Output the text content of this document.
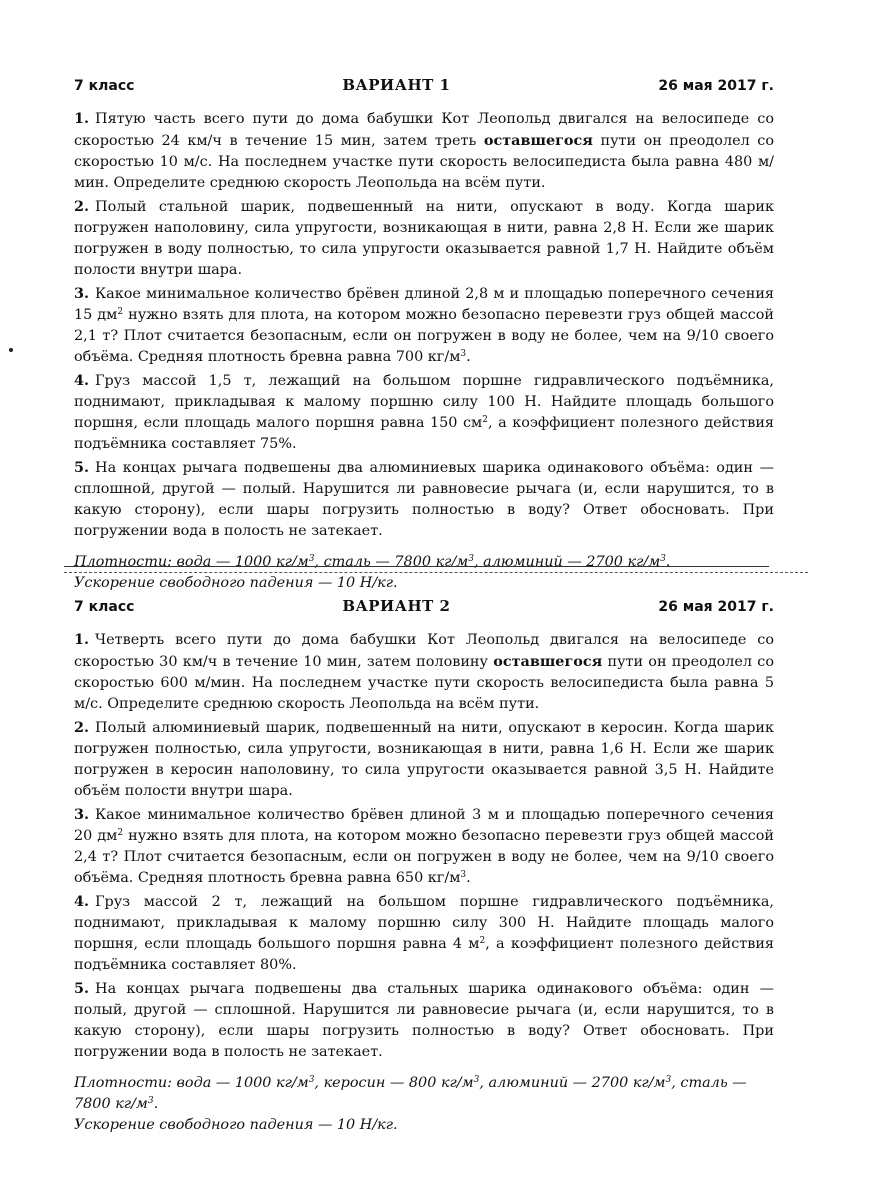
7 класс	ВАРИАНТ 1	26 мая 2017 г.

1. Пятую часть всего пути до дома бабушки Кот Леопольд двигался на велосипеде со скоростью 24 км/ч в течение 15 мин, затем треть оставшегося пути он преодолел со скоростью 10 м/с. На последнем участке пути скорость велосипедиста была равна 480 м/мин. Определите среднюю скорость Леопольда на всём пути.

2. Полый стальной шарик, подвешенный на нити, опускают в воду. Когда шарик погружен наполовину, сила упругости, возникающая в нити, равна 2,8 Н. Если же шарик погружен в воду полностью, то сила упругости оказывается равной 1,7 Н. Найдите объём полости внутри шара.

3. Какое минимальное количество брёвен длиной 2,8 м и площадью поперечного сечения 15 $дм^2$ нужно взять для плота, на котором можно безопасно перевезти груз общей массой 2,1 т? Плот считается безопасным, если он погружен в воду не более, чем на 9/10 своего объёма. Средняя плотность бревна равна 700 $кг/м^3$.

4. Груз массой 1,5 т, лежащий на большом поршне гидравлического подъёмника, поднимают, прикладывая к малому поршню силу 100 Н. Найдите площадь большого поршня, если площадь малого поршня равна 150 $см^2$, а коэффициент полезного действия подъёмника составляет 75%.

5. На концах рычага подвешены два алюминиевых шарика одинакового объёма: один — сплошной, другой — полый. Нарушится ли равновесие рычага (и, если нарушится, то в какую сторону), если шары погрузить полностью в воду? Ответ обосновать. При погружении вода в полость не затекает.

Плотности: вода — 1000 $кг/м^3$, сталь — 7800 $кг/м^3$, алюминий — 2700 $кг/м^3$.
Ускорение свободного падения — 10 Н/кг.
7 класс	ВАРИАНТ 2	26 мая 2017 г.

1. Четверть всего пути до дома бабушки Кот Леопольд двигался на велосипеде со скоростью 30 км/ч в течение 10 мин, затем половину оставшегося пути он преодолел со скоростью 600 м/мин. На последнем участке пути скорость велосипедиста была равна 5 м/с. Определите среднюю скорость Леопольда на всём пути.

2. Полый алюминиевый шарик, подвешенный на нити, опускают в керосин. Когда шарик погружен полностью, сила упругости, возникающая в нити, равна 1,6 Н. Если же шарик погружен в керосин наполовину, то сила упругости оказывается равной 3,5 Н. Найдите объём полости внутри шара.

3. Какое минимальное количество брёвен длиной 3 м и площадью поперечного сечения 20 $дм^2$ нужно взять для плота, на котором можно безопасно перевезти груз общей массой 2,4 т? Плот считается безопасным, если он погружен в воду не более, чем на 9/10 своего объёма. Средняя плотность бревна равна 650 $кг/м^3$.

4. Груз массой 2 т, лежащий на большом поршне гидравлического подъёмника, поднимают, прикладывая к малому поршню силу 300 Н. Найдите площадь малого поршня, если площадь большого поршня равна 4 $м^2$, а коэффициент полезного действия подъёмника составляет 80%.

5. На концах рычага подвешены два стальных шарика одинакового объёма: один — полый, другой — сплошной. Нарушится ли равновесие рычага (и, если нарушится, то в какую сторону), если шары погрузить полностью в воду? Ответ обосновать. При погружении вода в полость не затекает.

Плотности: вода — 1000 $кг/м^3$, керосин — 800 $кг/м^3$, алюминий — 2700 $кг/м^3$, сталь — 7800 $кг/м^3$.
Ускорение свободного падения — 10 Н/кг.
